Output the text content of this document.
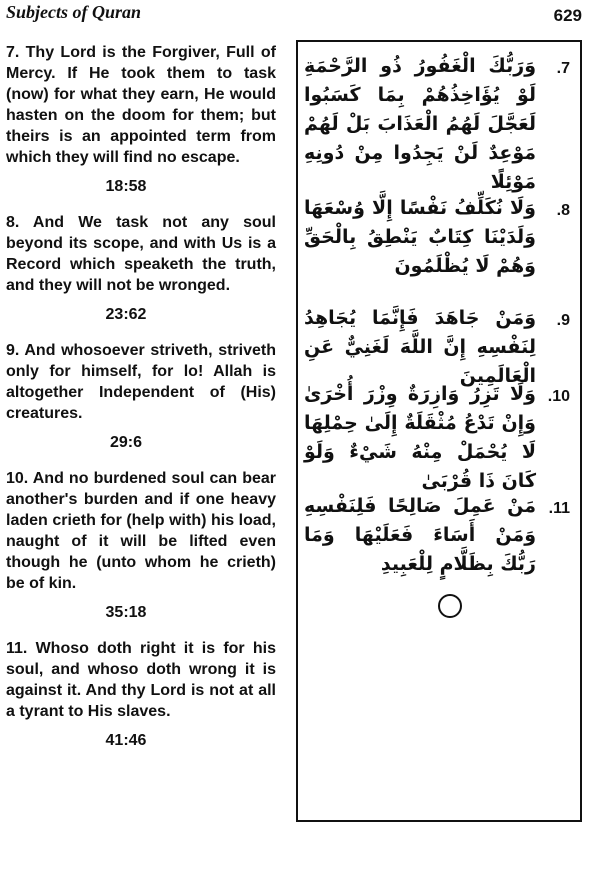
Subjects of Quran	629

7. Thy Lord is the Forgiver, Full of Mercy. If He took them to task (now) for what they earn, He would hasten on the doom for them; but theirs is an appointed term from which they will find no escape.

18:58

8. And We task not any soul beyond its scope, and with Us is a Record which speaketh the truth, and they will not be wronged.

23:62

9. And whosoever striveth, striveth only for himself, for lo! Allah is altogether Independent of (His) creatures.

29:6

10. And no burdened soul can bear another's burden and if one heavy laden crieth for (help with) his load, naught of it will be lifted even though he (unto whom he crieth) be of kin.

35:18

11. Whoso doth right it is for his soul, and whoso doth wrong it is against it. And thy Lord is not at all a tyrant to His slaves.

41:46

.7
وَرَبُّكَ الْغَفُورُ ذُو الرَّحْمَةِ لَوْ يُؤَاخِذُهُمْ بِمَا كَسَبُوا لَعَجَّلَ لَهُمُ الْعَذَابَ بَلْ لَهُمْ مَوْعِدٌ لَنْ يَجِدُوا مِنْ دُونِهِ مَوْئِلًا
.8
وَلَا نُكَلِّفُ نَفْسًا إِلَّا وُسْعَهَا وَلَدَيْنَا كِتَابٌ يَنْطِقُ بِالْحَقِّ وَهُمْ لَا يُظْلَمُونَ
.9
وَمَنْ جَاهَدَ فَإِنَّمَا يُجَاهِدُ لِنَفْسِهِ إِنَّ اللَّهَ لَغَنِيٌّ عَنِ الْعَالَمِينَ
.10
وَلَا تَزِرُ وَازِرَةٌ وِزْرَ أُخْرَىٰ وَإِنْ تَدْعُ مُثْقَلَةٌ إِلَىٰ حِمْلِهَا لَا يُحْمَلْ مِنْهُ شَيْءٌ وَلَوْ كَانَ ذَا قُرْبَىٰ
.11
مَنْ عَمِلَ صَالِحًا فَلِنَفْسِهِ وَمَنْ أَسَاءَ فَعَلَيْهَا وَمَا رَبُّكَ بِظَلَّامٍ لِلْعَبِيدِ
